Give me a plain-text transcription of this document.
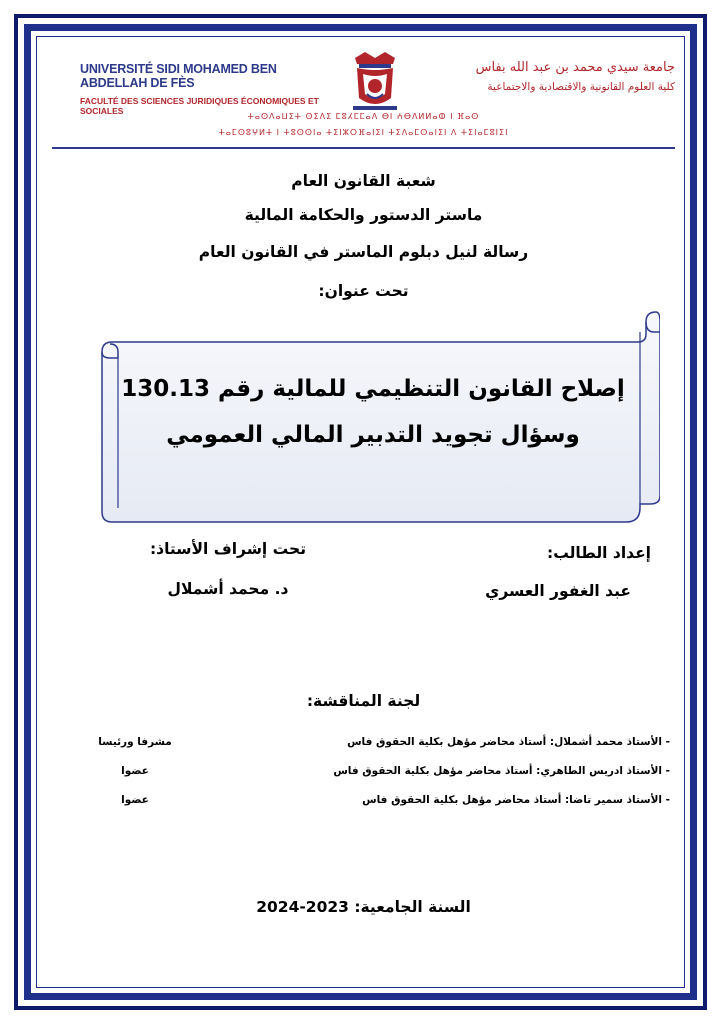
UNIVERSITÉ SIDI MOHAMED BEN ABDELLAH DE FÈS
FACULTÉ DES SCIENCES JURIDIQUES ÉCONOMIQUES ET SOCIALES
جامعة سيدي محمد بن عبد الله بفاس
كلية العلوم القانونية والاقتصادية والاجتماعية
ⵜⴰⵙⴷⴰⵡⵉⵜ ⵙⵉⴷⵉ ⵎⵓⵃⵎⵎⴰⴷ ⴱⵏ ⵄⴱⴷⵍⵍⴰⵀ ⵏ ⴼⴰⵙ
ⵜⴰⵎⵙⵓⵖⵍⵜ ⵏ ⵜⵓⵙⵙⵏⴰ ⵜⵉⵏⵣⵔⴼⴰⵏⵉⵏ ⵜⵉⴷⴰⵎⵙⴰⵏⵉⵏ ⴷ ⵜⵉⵏⴰⵎⵓⵏⵉⵏ
شعبة القانون العام
ماستر الدستور والحكامة المالية
رسالة لنيل دبلوم الماستر في القانون العام
تحت عنوان:
إصلاح القانون التنظيمي للمالية رقم 130.13
وسؤال تجويد التدبير المالي العمومي
تحت إشراف الأستاذ:
د. محمد أشملال
إعداد الطالب:
عبد الغفور العسري
لجنة المناقشة:
- الأستاذ محمد أشملال: أستاذ محاضر مؤهل بكلية الحقوق فاس
مشرفا ورئيسا
- الأستاذ ادريس الطاهري: أستاذ محاضر مؤهل بكلية الحقوق فاس
عضوا
- الأستاذ سمير تاضا: أستاذ محاضر مؤهل بكلية الحقوق فاس
عضوا
السنة الجامعية: 2023-2024
